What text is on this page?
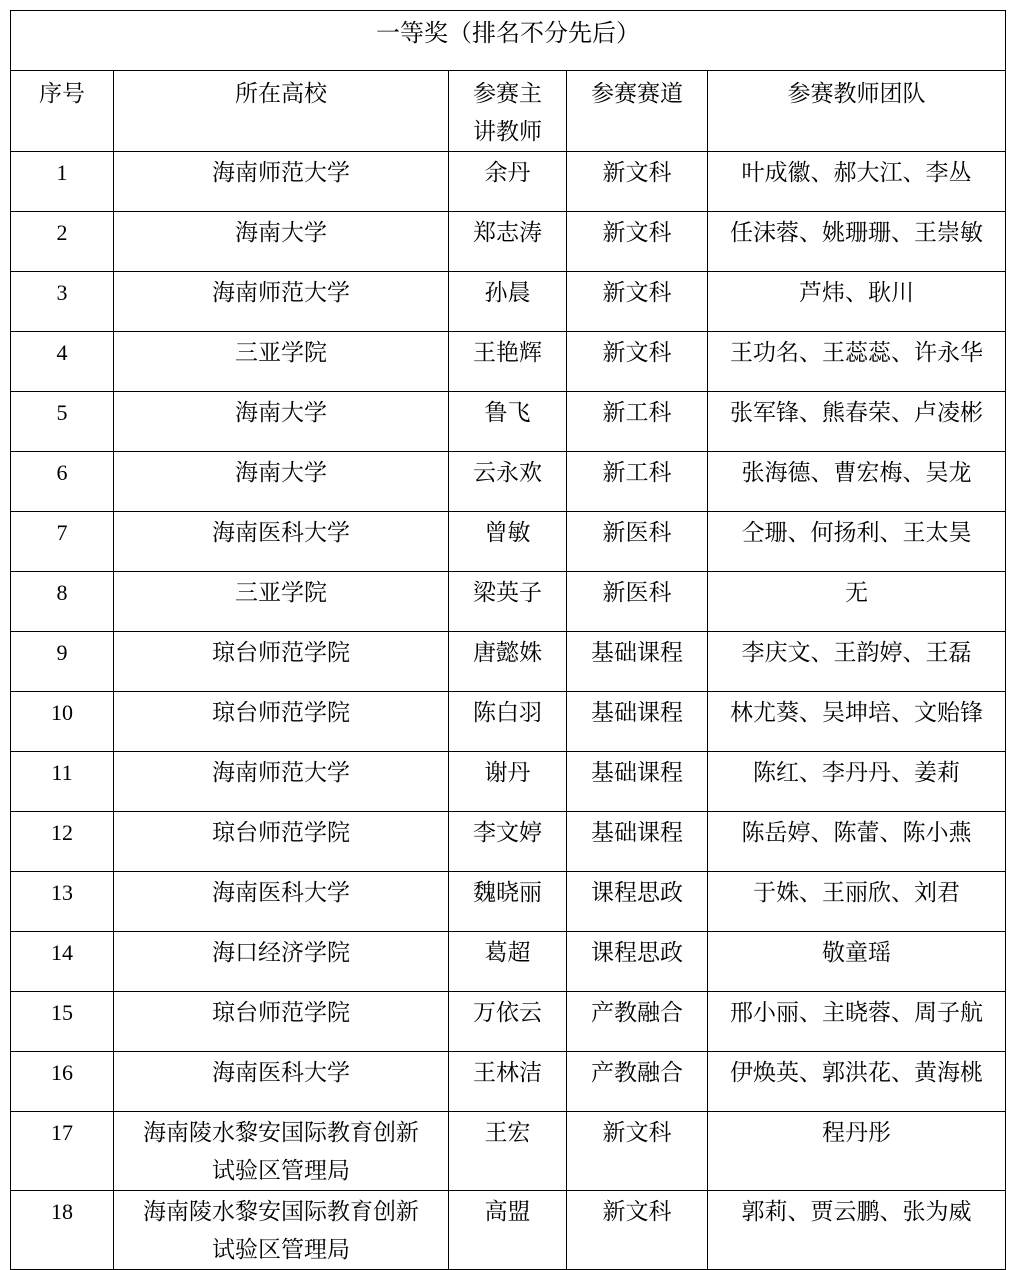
一等奖（排名不分先后）				
序号	所在高校	参赛主讲教师	参赛赛道	参赛教师团队
1	海南师范大学	余丹	新文科	叶成徽、郝大江、李丛
2	海南大学	郑志涛	新文科	任沫蓉、姚珊珊、王崇敏
3	海南师范大学	孙晨	新文科	芦炜、耿川
4	三亚学院	王艳辉	新文科	王功名、王蕊蕊、许永华
5	海南大学	鲁飞	新工科	张军锋、熊春荣、卢凌彬
6	海南大学	云永欢	新工科	张海德、曹宏梅、吴龙
7	海南医科大学	曾敏	新医科	仝珊、何扬利、王太昊
8	三亚学院	梁英子	新医科	无
9	琼台师范学院	唐懿姝	基础课程	李庆文、王韵婷、王磊
10	琼台师范学院	陈白羽	基础课程	林尤葵、吴坤培、文贻锋
11	海南师范大学	谢丹	基础课程	陈红、李丹丹、姜莉
12	琼台师范学院	李文婷	基础课程	陈岳婷、陈蕾、陈小燕
13	海南医科大学	魏晓丽	课程思政	于姝、王丽欣、刘君
14	海口经济学院	葛超	课程思政	敬童瑶
15	琼台师范学院	万依云	产教融合	邢小丽、主晓蓉、周子航
16	海南医科大学	王林洁	产教融合	伊焕英、郭洪花、黄海桃
17	海南陵水黎安国际教育创新试验区管理局	王宏	新文科	程丹彤
18	海南陵水黎安国际教育创新试验区管理局	高盟	新文科	郭莉、贾云鹏、张为威
